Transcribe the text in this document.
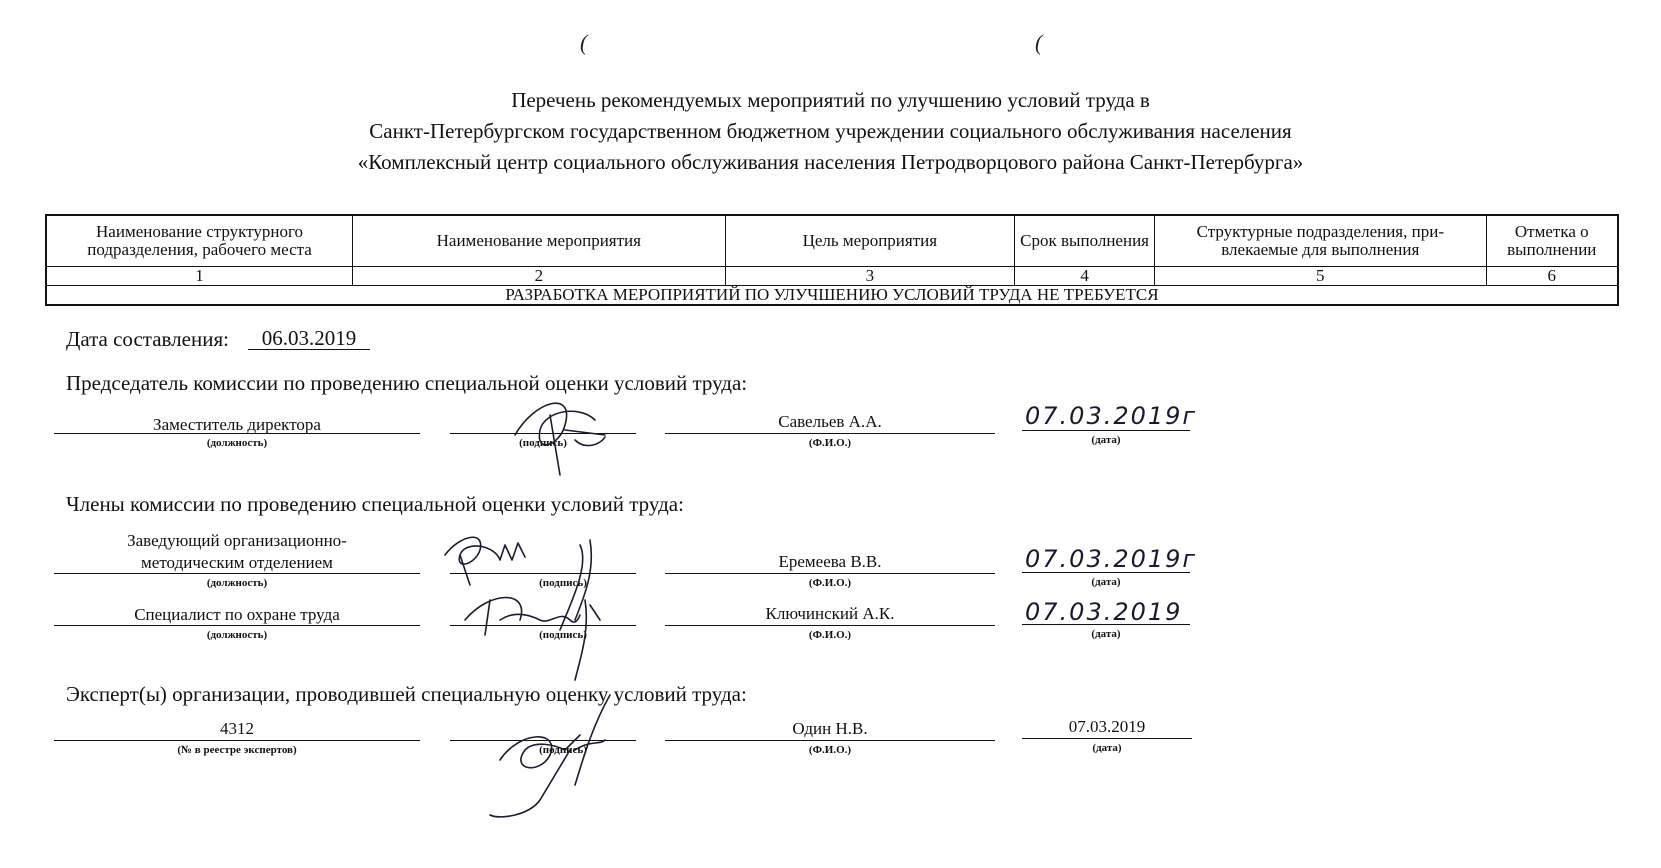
(	(
Перечень рекомендуемых мероприятий по улучшению условий труда в
Санкт-Петербургском государственном бюджетном учреждении социального обслуживания населения
«Комплексный центр социального обслуживания населения Петродворцового района Санкт-Петербурга»
Наименование структурного подразделения, рабочего места	Наименование мероприятия	Цель мероприятия	Срок выполнения	Структурные подразделения, при-влекаемые для выполнения	Отметка о выполнении
1	2	3	4	5	6
РАЗРАБОТКА МЕРОПРИЯТИЙ ПО УЛУЧШЕНИЮ УСЛОВИЙ ТРУДА НЕ ТРЕБУЕТСЯ					
Дата составления:	06.03.2019
Председатель комиссии по проведению специальной оценки условий труда:
Заместитель директора
(должность)	(подпись)
Савельев А.А.
(Ф.И.О.)
07.03.2019г
(дата)
Члены комиссии по проведению специальной оценки условий труда:
Заведующий организационно-
методическим отделением
(должность)	(подпись)
Еремеева В.В.
(Ф.И.О.)
07.03.2019г
(дата)
Специалист по охране труда
(должность)	(подпись)
Ключинский А.К.
(Ф.И.О.)
07.03.2019
(дата)
Эксперт(ы) организации, проводившей специальную оценку условий труда:
4312
(№ в реестре экспертов)	(подпись)
Один Н.В.
(Ф.И.О.)
07.03.2019
(дата)
